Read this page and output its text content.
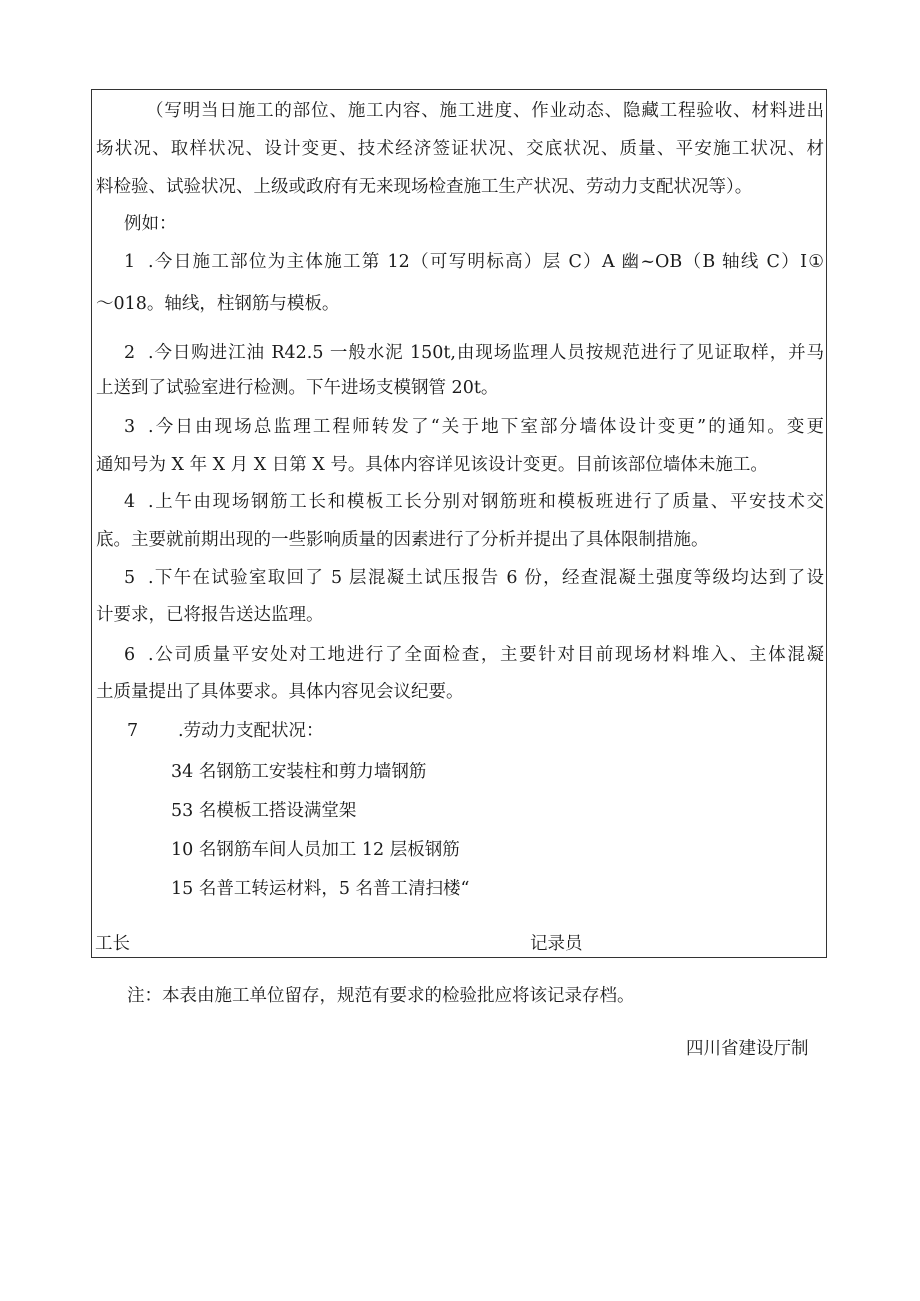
（写明当日施工的部位、施工内容、施工进度、作业动态、隐藏工程验收、材料进出
场状况、取样状况、设计变更、技术经济签证状况、交底状况、质量、平安施工状况、材
料检验、试验状况、上级或政府有无来现场检查施工生产状况、劳动力支配状况等）。
例如：
1 .今日施工部位为主体施工第 12（可写明标高）层 C）A 幽~OB（B 轴线 C）I①
～018。轴线，柱钢筋与模板。
2 .今日购进江油 R42.5 一般水泥 150t,由现场监理人员按规范进行了见证取样，并马
上送到了试验室进行检测。下午进场支模钢管 20t。
3 .今日由现场总监理工程师转发了“关于地下室部分墙体设计变更”的通知。变更
通知号为 X 年 X 月 X 日第 X 号。具体内容详见该设计变更。目前该部位墙体未施工。
4 .上午由现场钢筋工长和模板工长分别对钢筋班和模板班进行了质量、平安技术交
底。主要就前期出现的一些影响质量的因素进行了分析并提出了具体限制措施。
5 .下午在试验室取回了 5 层混凝土试压报告 6 份，经查混凝土强度等级均达到了设
计要求，已将报告送达监理。
6 .公司质量平安处对工地进行了全面检查，主要针对目前现场材料堆入、主体混凝
土质量提出了具体要求。具体内容见会议纪要。
7 .劳动力支配状况：
34 名钢筋工安装柱和剪力墙钢筋
53 名模板工搭设满堂架
10 名钢筋车间人员加工 12 层板钢筋
15 名普工转运材料，5 名普工清扫楼“
工长	记录员
注：本表由施工单位留存，规范有要求的检验批应将该记录存档。
四川省建设厅制
